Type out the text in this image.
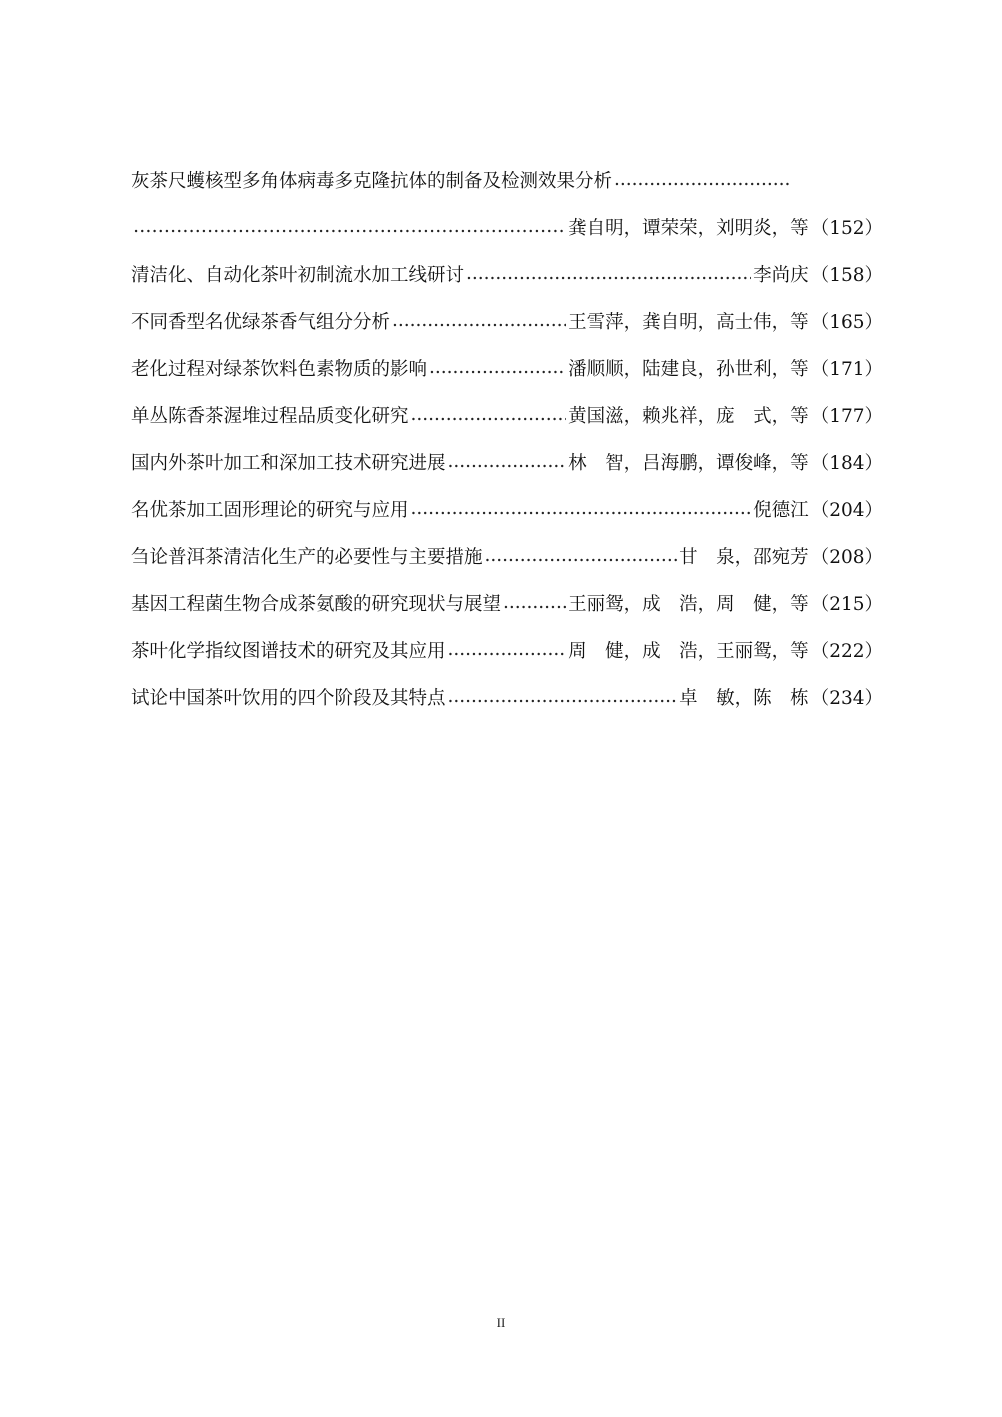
灰茶尺蠖核型多角体病毒多克隆抗体的制备及检测效果分析
.....
…………………………………………………………………………………………………………
龚自明，谭荣荣，刘明炎，等 （152）
清洁化、自动化茶叶初制流水加工线研讨 .....	李尚庆 （158）
不同香型名优绿茶香气组分分析 .....	王雪萍，龚自明，高士伟，等 （165）
老化过程对绿茶饮料色素物质的影响 .....	潘顺顺，陆建良，孙世利，等 （171）
单丛陈香茶渥堆过程品质变化研究 .....	黄国滋，赖兆祥，庞　式，等 （177）
国内外茶叶加工和深加工技术研究进展 .....	林　智，吕海鹏，谭俊峰，等 （184）
名优茶加工固形理论的研究与应用 .....	倪德江 （204）
刍论普洱茶清洁化生产的必要性与主要措施 .....	甘　泉，邵宛芳 （208）
基因工程菌生物合成茶氨酸的研究现状与展望 .....	王丽鸳，成　浩，周　健，等 （215）
茶叶化学指纹图谱技术的研究及其应用 .....	周　健，成　浩，王丽鸳，等 （222）
试论中国茶叶饮用的四个阶段及其特点 .....	卓　敏，陈　栋 （234）
II
